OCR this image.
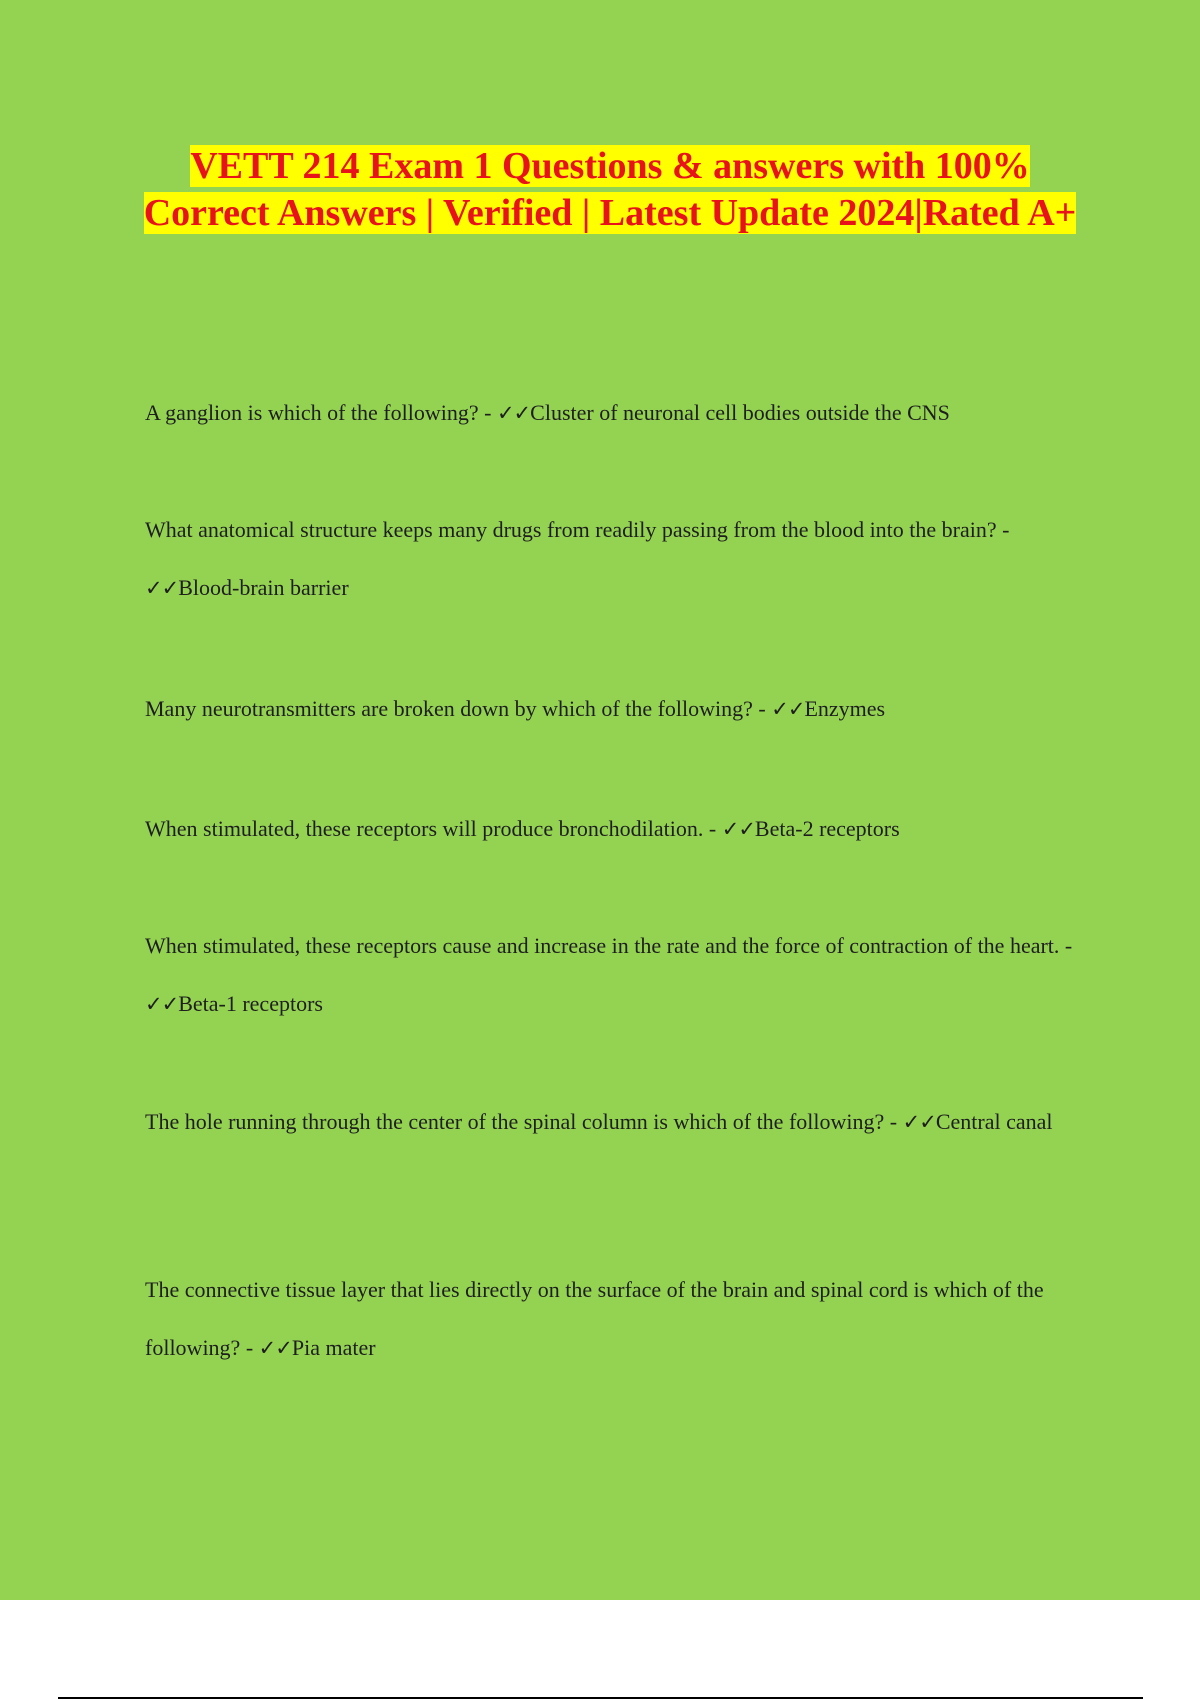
VETT 214 Exam 1 Questions & answers with 100% Correct Answers | Verified | Latest Update 2024|Rated A+

A ganglion is which of the following? - ✓✓Cluster of neuronal cell bodies outside the CNS

What anatomical structure keeps many drugs from readily passing from the blood into the brain? - ✓✓Blood-brain barrier

Many neurotransmitters are broken down by which of the following? - ✓✓Enzymes

When stimulated, these receptors will produce bronchodilation. - ✓✓Beta-2 receptors

When stimulated, these receptors cause and increase in the rate and the force of contraction of the heart. - ✓✓Beta-1 receptors

The hole running through the center of the spinal column is which of the following? - ✓✓Central canal

The connective tissue layer that lies directly on the surface of the brain and spinal cord is which of the following? - ✓✓Pia mater
